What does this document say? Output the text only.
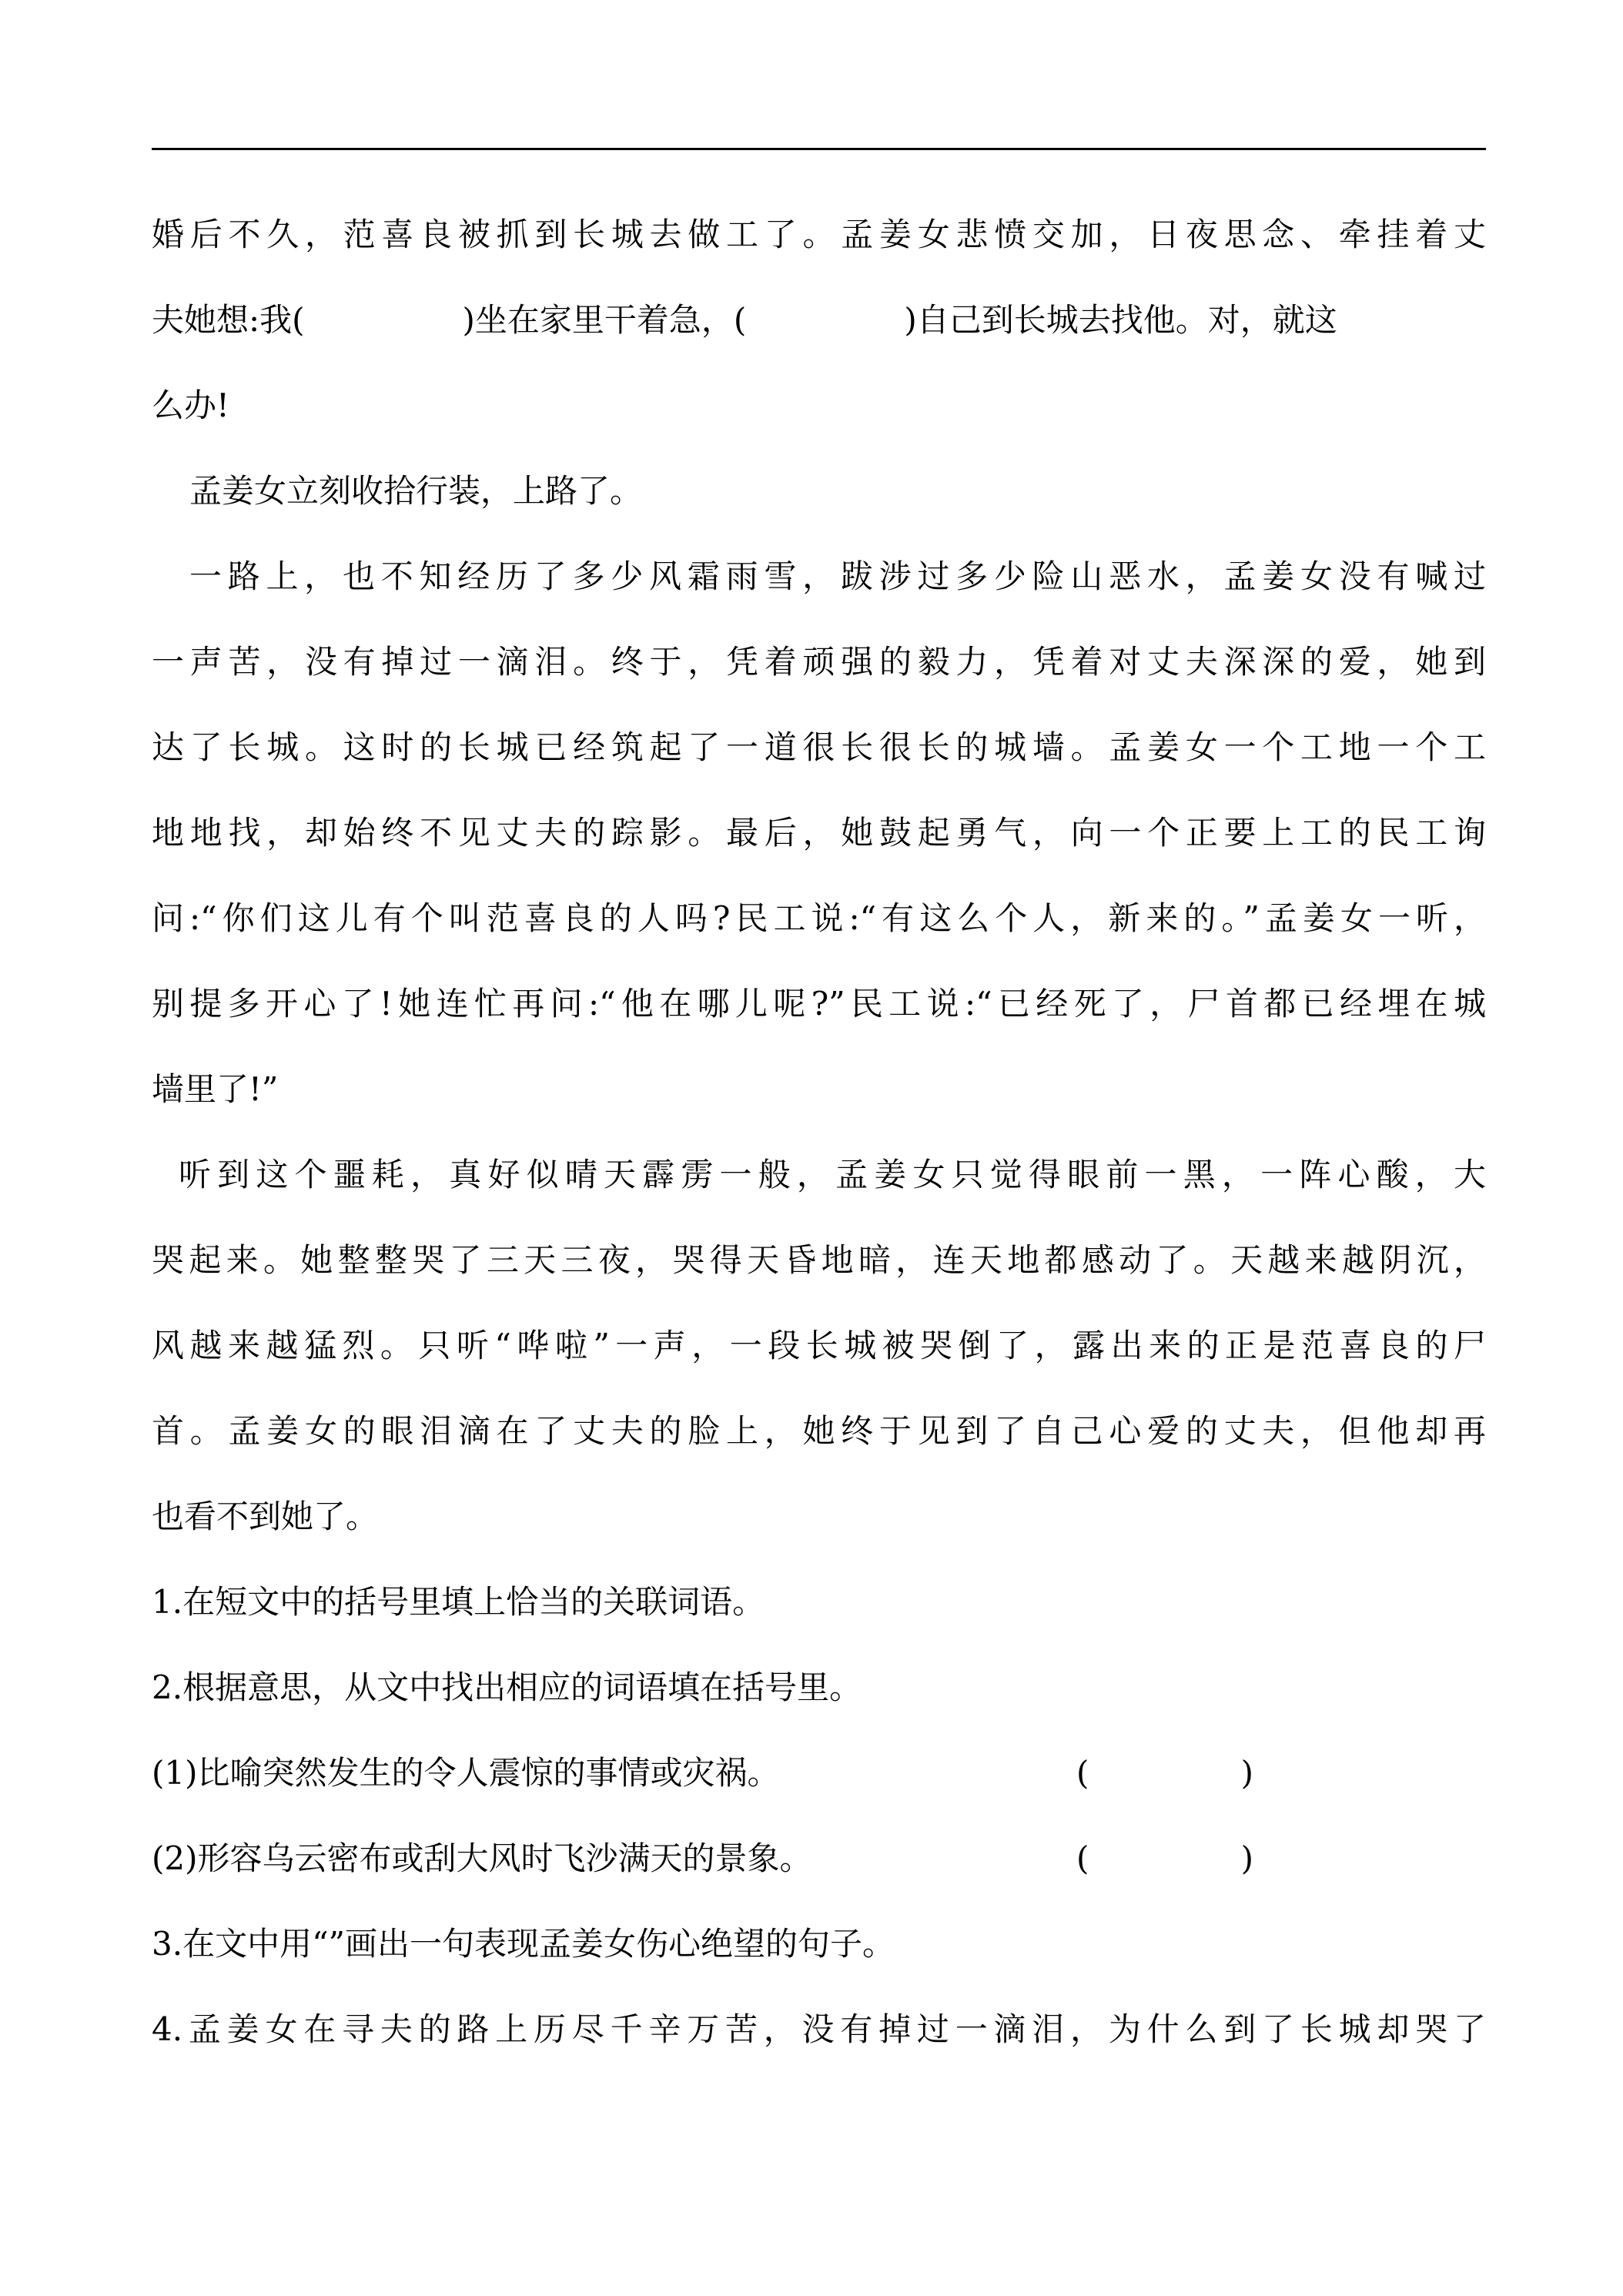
婚后不久，范喜良被抓到长城去做工了。孟姜女悲愤交加，日夜思念、牵挂着丈

夫她想:我(	)坐在家里干着急，(	)自己到长城去找他。对，就这

么办!

孟姜女立刻收拾行装，上路了。

一路上，也不知经历了多少风霜雨雪，跋涉过多少险山恶水，孟姜女没有喊过

一声苦，没有掉过一滴泪。终于，凭着顽强的毅力，凭着对丈夫深深的爱，她到

达了长城。这时的长城已经筑起了一道很长很长的城墙。孟姜女一个工地一个工

地地找，却始终不见丈夫的踪影。最后，她鼓起勇气，向一个正要上工的民工询

问:“你们这儿有个叫范喜良的人吗?民工说:“有这么个人，新来的。”孟姜女一听，

别提多开心了!她连忙再问:“他在哪儿呢?”民工说:“已经死了，尸首都已经埋在城

墙里了!”

听到这个噩耗，真好似晴天霹雳一般，孟姜女只觉得眼前一黑，一阵心酸，大

哭起来。她整整哭了三天三夜，哭得天昏地暗，连天地都感动了。天越来越阴沉，

风越来越猛烈。只听“哗啦”一声，一段长城被哭倒了，露出来的正是范喜良的尸

首。孟姜女的眼泪滴在了丈夫的脸上，她终于见到了自己心爱的丈夫，但他却再

也看不到她了。

1.在短文中的括号里填上恰当的关联词语。

2.根据意思，从文中找出相应的词语填在括号里。

(1)比喻突然发生的令人震惊的事情或灾祸。	(	)

(2)形容乌云密布或刮大风时飞沙满天的景象。	(	)

3.在文中用“”画出一句表现孟姜女伤心绝望的句子。

4.孟姜女在寻夫的路上历尽千辛万苦，没有掉过一滴泪，为什么到了长城却哭了
